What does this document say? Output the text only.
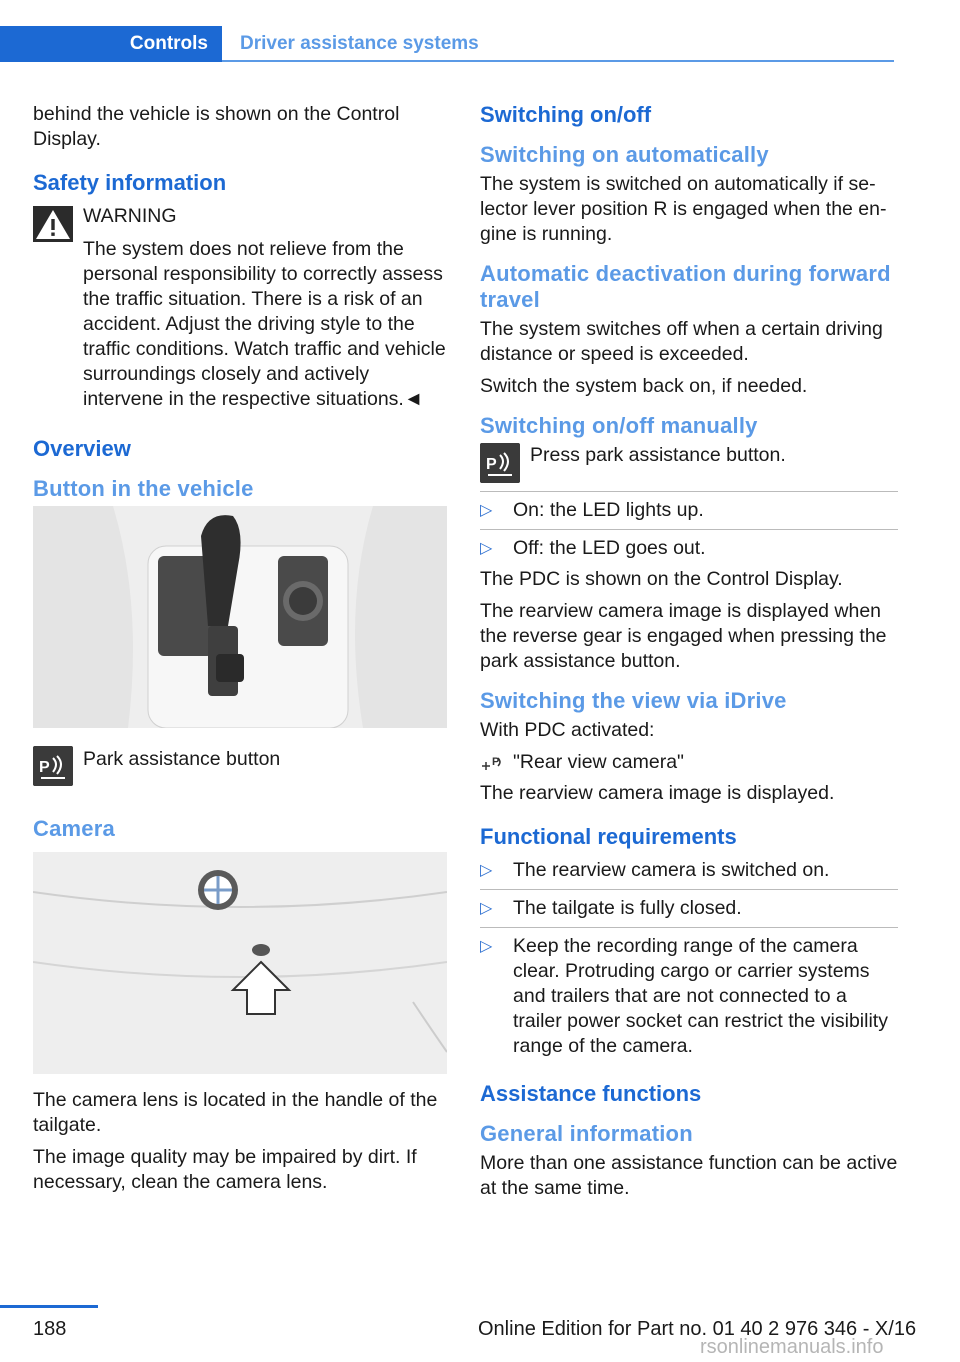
Controls	Driver assistance systems

behind the vehicle is shown on the Control Display.

Safety information

WARNING

The system does not relieve from the personal responsibility to correctly assess the traffic situation. There is a risk of an accident. Adjust the driving style to the traffic conditions. Watch traffic and vehicle surroundings closely and actively intervene in the respective situations.◄

Overview
Button in the vehicle
P	Park assistance button

Camera

The camera lens is located in the handle of the tailgate.

The image quality may be impaired by dirt. If necessary, clean the camera lens.

Switching on/off
Switching on automatically

The system is switched on automatically if selector lever position R is engaged when the engine is running.

Automatic deactivation during forward travel

The system switches off when a certain driving distance or speed is exceeded.

Switch the system back on, if needed.

Switching on/off manually
P	Press park assistance button.

▷ On: the LED lights up.

▷ Off: the LED goes out.

The PDC is shown on the Control Display.

The rearview camera image is displayed when the reverse gear is engaged when pressing the park assistance button.

Switching the view via iDrive

With PDC activated:

P "Rear view camera"

The rearview camera image is displayed.

Functional requirements
▷ The rearview camera is switched on.

▷ The tailgate is fully closed.

▷ Keep the recording range of the camera clear. Protruding cargo or carrier systems and trailers that are not connected to a trailer power socket can restrict the visibility range of the camera.

Assistance functions
General information

More than one assistance function can be active at the same time.

188	Online Edition for Part no. 01 40 2 976 346 - X/16
rsonlinemanuals.info
